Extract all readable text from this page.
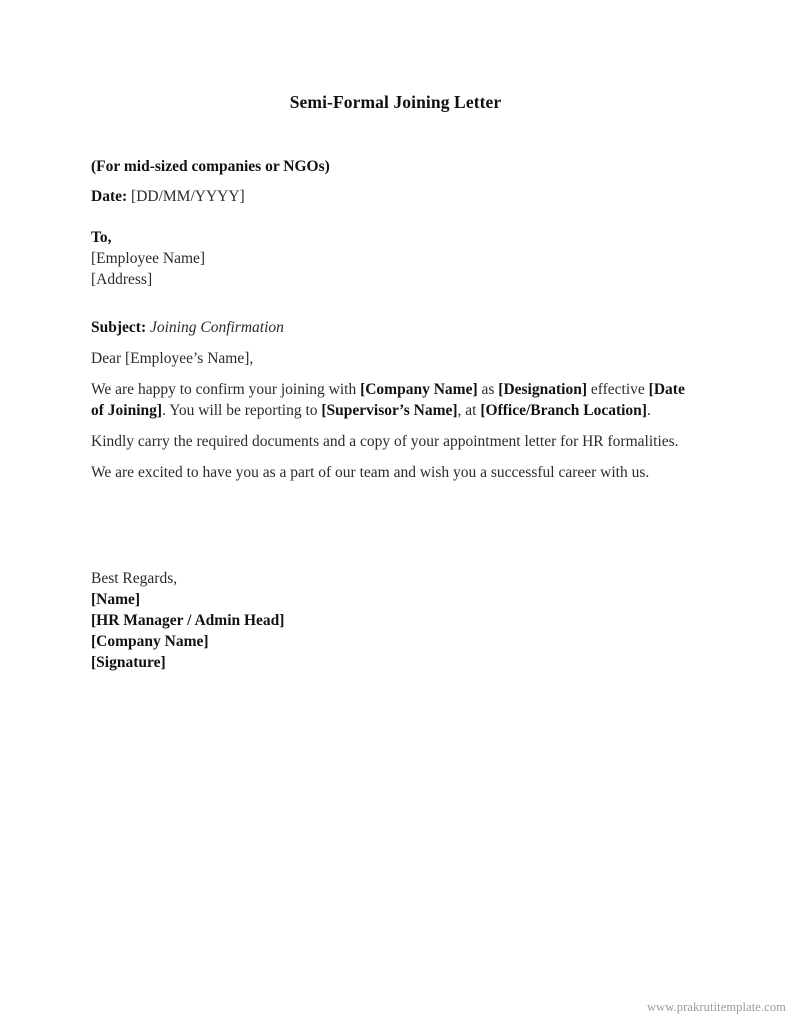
Semi-Formal Joining Letter

(For mid-sized companies or NGOs)

Date: [DD/MM/YYYY]

To,
[Employee Name]
[Address]

Subject: Joining Confirmation

Dear [Employee’s Name],

We are happy to confirm your joining with [Company Name] as [Designation] effective [Date of Joining]. You will be reporting to [Supervisor’s Name], at [Office/Branch Location].

Kindly carry the required documents and a copy of your appointment letter for HR formalities.

We are excited to have you as a part of our team and wish you a successful career with us.

Best Regards,
[Name]
[HR Manager / Admin Head]
[Company Name]
[Signature]
www.prakrutitemplate.com
